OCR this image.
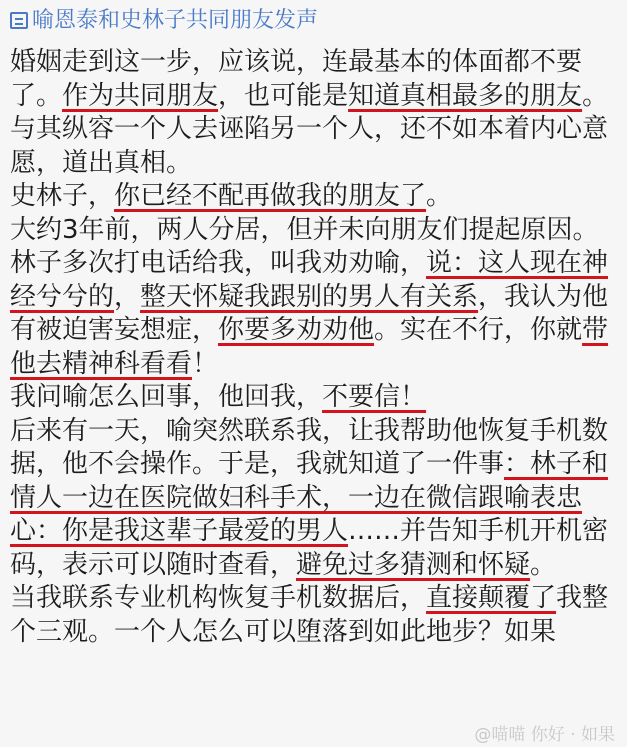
喻恩泰和史林子共同朋友发声

婚姻走到这一步，应该说，连最基本的体面都不要了。作为共同朋友，也可能是知道真相最多的朋友。与其纵容一个人去诬陷另一个人，还不如本着内心意愿，道出真相。

史林子，你已经不配再做我的朋友了。

大约3年前，两人分居，但并未向朋友们提起原因。林子多次打电话给我，叫我劝劝喻，说：这人现在神经兮兮的，整天怀疑我跟别的男人有关系，我认为他有被迫害妄想症，你要多劝劝他。实在不行，你就带他去精神科看看！

我问喻怎么回事，他回我，不要信！

后来有一天，喻突然联系我，让我帮助他恢复手机数据，他不会操作。于是，我就知道了一件事：林子和情人一边在医院做妇科手术，一边在微信跟喻表忠心：你是我这辈子最爱的男人……并告知手机开机密码，表示可以随时查看，避免过多猜测和怀疑。

当我联系专业机构恢复手机数据后，直接颠覆了我整个三观。一个人怎么可以堕落到如此地步？如果

@喵喵 你好 · 如果
